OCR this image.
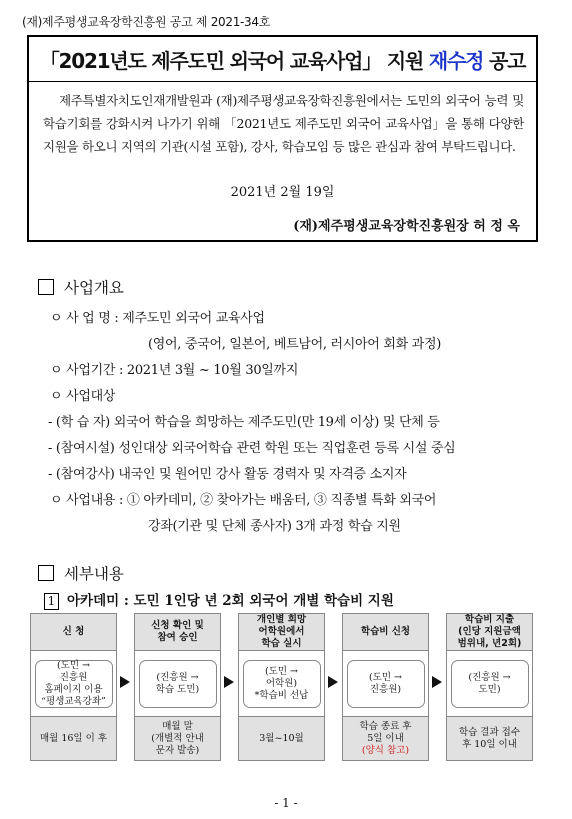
(재)제주평생교육장학진흥원 공고 제 2021-34호
「2021년도 제주도민 외국어 교육사업」 지원 재수정 공고
제주특별자치도인재개발원과 (재)제주평생교육장학진흥원에서는 도민의 외국어 능력 및 학습기회를 강화시켜 나가기 위해 「2021년도 제주도민 외국어 교육사업」을 통해 다양한 지원을 하오니 지역의 기관(시설 포함), 강사, 학습모임 등 많은 관심과 참여 부탁드립니다.
2021년 2월 19일
(재)제주평생교육장학진흥원장 허 정 옥
사업개요
ㅇ 사 업 명 : 제주도민 외국어 교육사업
(영어, 중국어, 일본어, 베트남어, 러시아어 회화 과정)
ㅇ 사업기간 : 2021년 3월 ~ 10월 30일까지
ㅇ 사업대상
- (학 습 자) 외국어 학습을 희망하는 제주도민(만 19세 이상) 및 단체 등
- (참여시설) 성인대상 외국어학습 관련 학원 또는 직업훈련 등록 시설 중심
- (참여강사) 내국인 및 원어민 강사 활동 경력자 및 자격증 소지자
ㅇ 사업내용 : ① 아카데미, ② 찾아가는 배움터, ③ 직종별 특화 외국어
강좌(기관 및 단체 종사자) 3개 과정 학습 지원
세부내용
1 아카데미 : 도민 1인당 년 2회 외국어 개별 학습비 지원
신 청
(도민 →
진흥원
홈페이지 이용
“평생교육강좌”
매월 16일 이 후
신청 확인 및
참여 승인
(진흥원 →
학습 도민)
매월 말
(개별적 안내
문자 발송)
개인별 희망
어학원에서
학습 실시
(도민 →
어학원)
*학습비 선납
3월~10월
학습비 신청
(도민 →
진흥원)
학습 종료 후
5일 이내
(양식 참고)
학습비 지출
(인당 지원금액
범위내, 년2회)
(진흥원 →
도민)
학습 결과 접수
후 10일 이내
- 1 -
